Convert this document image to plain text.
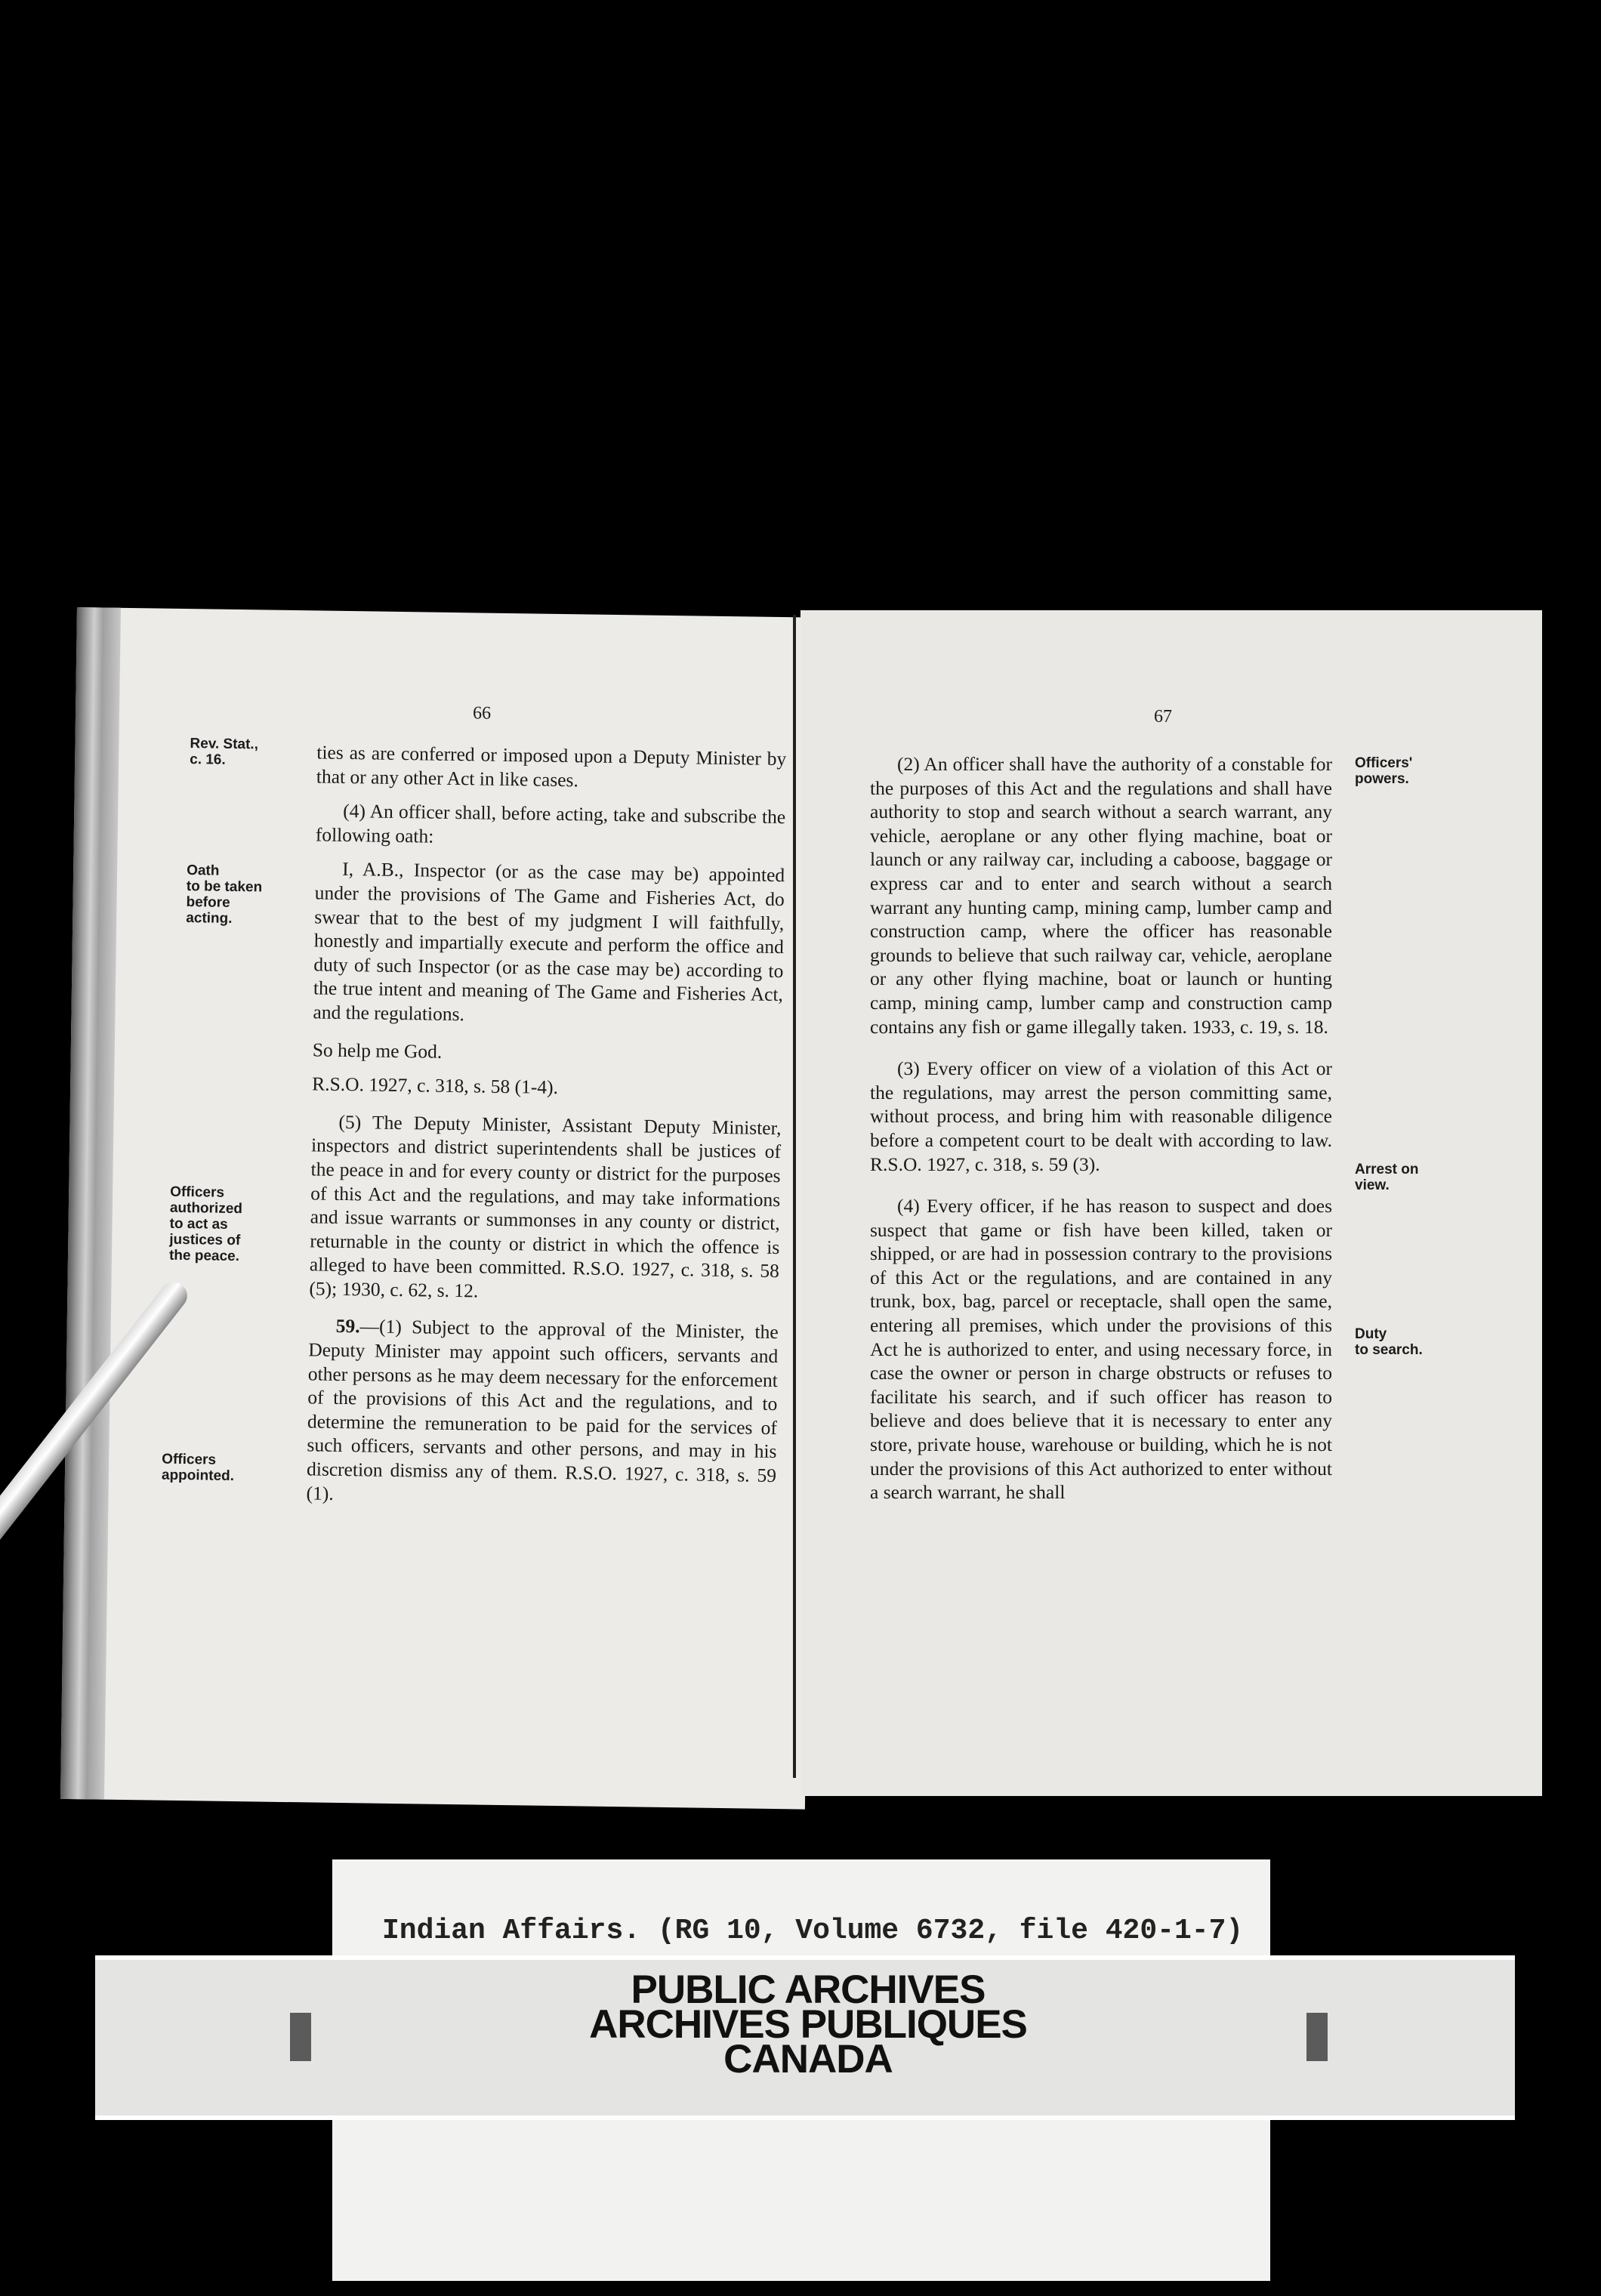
66
Rev. Stat.,
c. 16.
Oath
to be taken
before
acting.
Officers
authorized
to act as
justices of
the peace.
Officers
appointed.

ties as are conferred or imposed upon a Deputy Minister by that or any other Act in like cases.

(4) An officer shall, before acting, take and subscribe the following oath:

I, A.B., Inspector (or as the case may be) appointed under the provisions of The Game and Fisheries Act, do swear that to the best of my judgment I will faithfully, honestly and impartially execute and perform the office and duty of such Inspector (or as the case may be) according to the true intent and meaning of The Game and Fisheries Act, and the regulations.

So help me God.

R.S.O. 1927, c. 318, s. 58 (1-4).

(5) The Deputy Minister, Assistant Deputy Minister, inspectors and district superintendents shall be justices of the peace in and for every county or district for the purposes of this Act and the regulations, and may take informations and issue warrants or summonses in any county or district, returnable in the county or district in which the offence is alleged to have been committed. R.S.O. 1927, c. 318, s. 58 (5); 1930, c. 62, s. 12.

59.—(1) Subject to the approval of the Minister, the Deputy Minister may appoint such officers, servants and other persons as he may deem necessary for the enforcement of the provisions of this Act and the regulations, and to determine the remuneration to be paid for the services of such officers, servants and other persons, and may in his discretion dismiss any of them. R.S.O. 1927, c. 318, s. 59 (1).

67

(2) An officer shall have the authority of a constable for the purposes of this Act and the regulations and shall have authority to stop and search without a search warrant, any vehicle, aeroplane or any other flying machine, boat or launch or any railway car, including a caboose, baggage or express car and to enter and search without a search warrant any hunting camp, mining camp, lumber camp and construction camp, where the officer has reasonable grounds to believe that such railway car, vehicle, aeroplane or any other flying machine, boat or launch or hunting camp, mining camp, lumber camp and construction camp contains any fish or game illegally taken. 1933, c. 19, s. 18.

(3) Every officer on view of a violation of this Act or the regulations, may arrest the person committing same, without process, and bring him with reasonable diligence before a competent court to be dealt with according to law. R.S.O. 1927, c. 318, s. 59 (3).

(4) Every officer, if he has reason to suspect and does suspect that game or fish have been killed, taken or shipped, or are had in possession contrary to the provisions of this Act or the regulations, and are contained in any trunk, box, bag, parcel or receptacle, shall open the same, entering all premises, which under the provisions of this Act he is authorized to enter, and using necessary force, in case the owner or person in charge obstructs or refuses to facilitate his search, and if such officer has reason to believe and does believe that it is necessary to enter any store, private house, warehouse or building, which he is not under the provisions of this Act authorized to enter without a search warrant, he shall

Officers'
powers.
Arrest on
view.
Duty
to search.
Indian Affairs. (RG 10, Volume 6732, file 420-1-7)
PUBLIC ARCHIVES
ARCHIVES PUBLIQUES
CANADA
